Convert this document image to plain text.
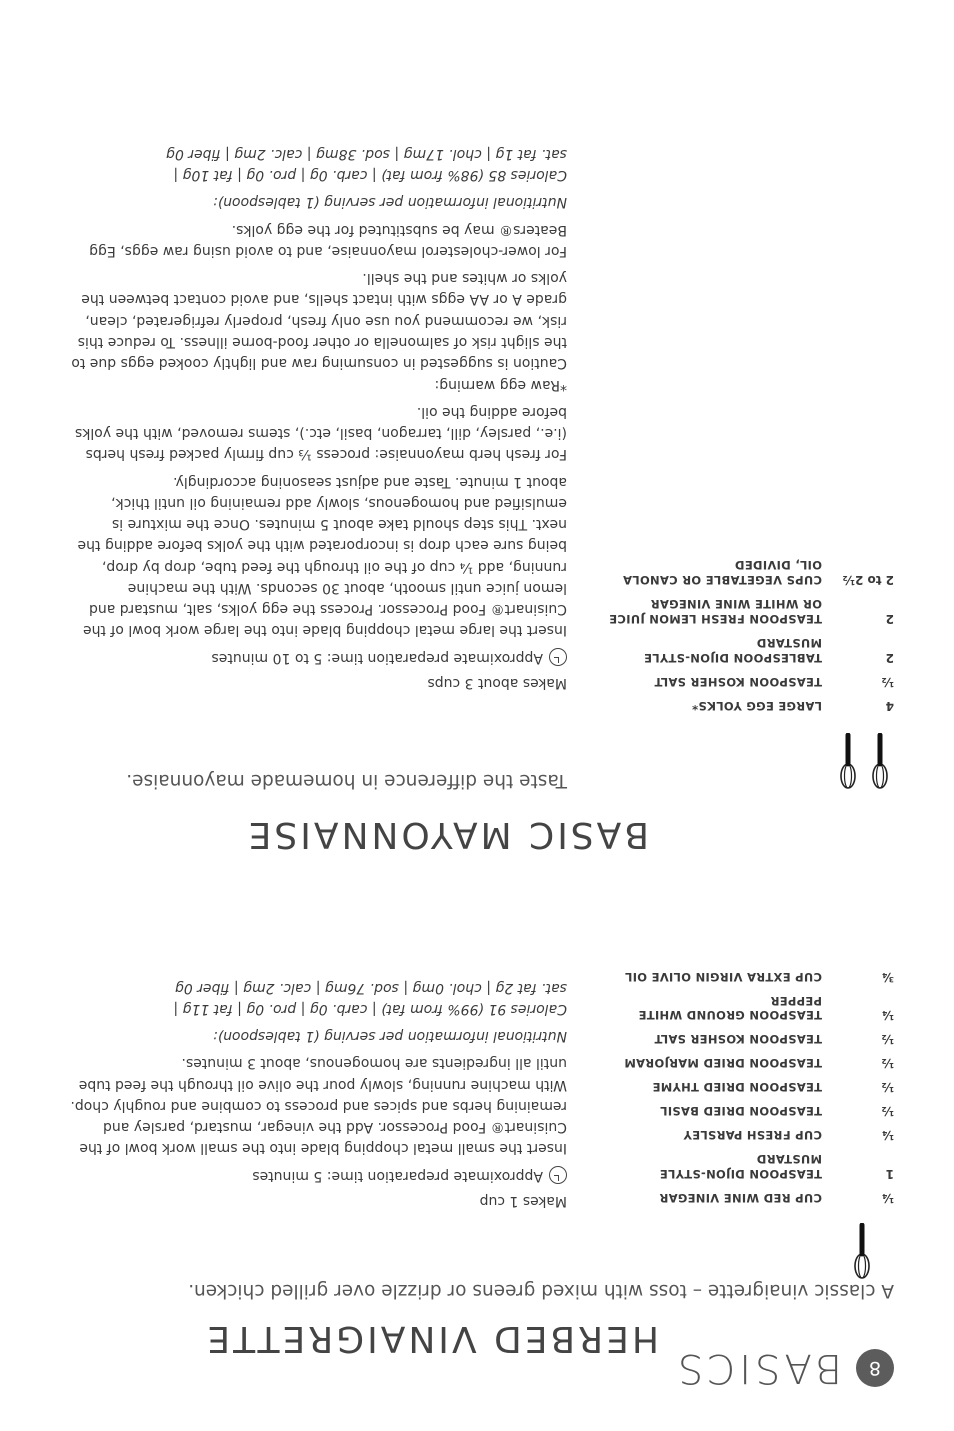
8
BASICS
BASIC MAYONNAISE
Taste the difference in homemade mayonnaise.
4
LARGE EGG YOLKS*
½
TEASPOON KOSHER SALT
2
TABLESPOON DIJON-STYLE MUSTARD
2
TEASPOON FRESH LEMON JUICE OR WHITE WINE VINEGAR
2 to 2½
CUPS VEGETABLE OR CANOLA OIL, DIVIDED

Makes about 3 cups

Approximate preparation time: 5 to 10 minutes

Insert the large metal chopping blade into the large work bowl of the Cuisinart® Food Processor. Process the egg yolks, salt, mustard and lemon juice until smooth, about 30 seconds. With the machine running, add ¼ cup of the oil through the feed tube, drop by drop, being sure each drop is incorporated with the yolks before adding the next. This step should take about 5 minutes. Once the mixture is emulsified and homogenous, slowly add remaining oil until thick, about 1 minute. Taste and adjust seasoning accordingly.

For fresh herb mayonnaise: process ⅓ cup firmly packed fresh herbs (i.e., parsley, dill, tarragon, basil, etc.), stems removed, with the yolks before adding the oil.

*Raw egg warning:

Caution is suggested in consuming raw and lightly cooked eggs due to the slight risk of salmonella or other food-borne illness. To reduce this risk, we recommend you use only fresh, properly refrigerated, clean, grade A or AA eggs with intact shells, and avoid contact between the yolks or whites and the shell.

For lower-cholesterol mayonnaise, and to avoid using raw eggs, Egg Beaters® may be substituted for the egg yolks.

Nutritional information per serving (1 tablespoon):

Calories 85 (98% from fat) | carb. 0g | pro. 0g | fat 10g |

sat. fat 1g | chol. 17mg | sod. 38mg | calc. 2mg | fiber 0g

HERBED VINAIGRETTE
A classic vinaigrette – toss with mixed greens or drizzle over grilled chicken.
¼
CUP RED WINE VINEGAR
1
TEASPOON DIJON-STYLE MUSTARD
¼
CUP FRESH PARSLEY
½
TEASPOON DRIED BASIL
½
TEASPOON DRIED THYME
½
TEASPOON DRIED MARJORAM
½
TEASPOON KOSHER SALT
¼
TEASPOON GROUND WHITE PEPPER
¾
CUP EXTRA VIRGIN OLIVE OIL

Makes 1 cup

Approximate preparation time: 5 minutes

Insert the small metal chopping blade into the small work bowl of the Cuisinart® Food Processor. Add the vinegar, mustard, parsley and remaining herbs and spices and process to combine and roughly chop. With machine running, slowly pour the olive oil through the feed tube until all ingredients are homogenous, about 3 minutes.

Nutritional information per serving (1 tablespoon):

Calories 91 (99% from fat) | carb. 0g | pro. 0g | fat 11g |

sat. fat 2g | chol. 0mg | sod. 76mg | calc. 2mg | fiber 0g
